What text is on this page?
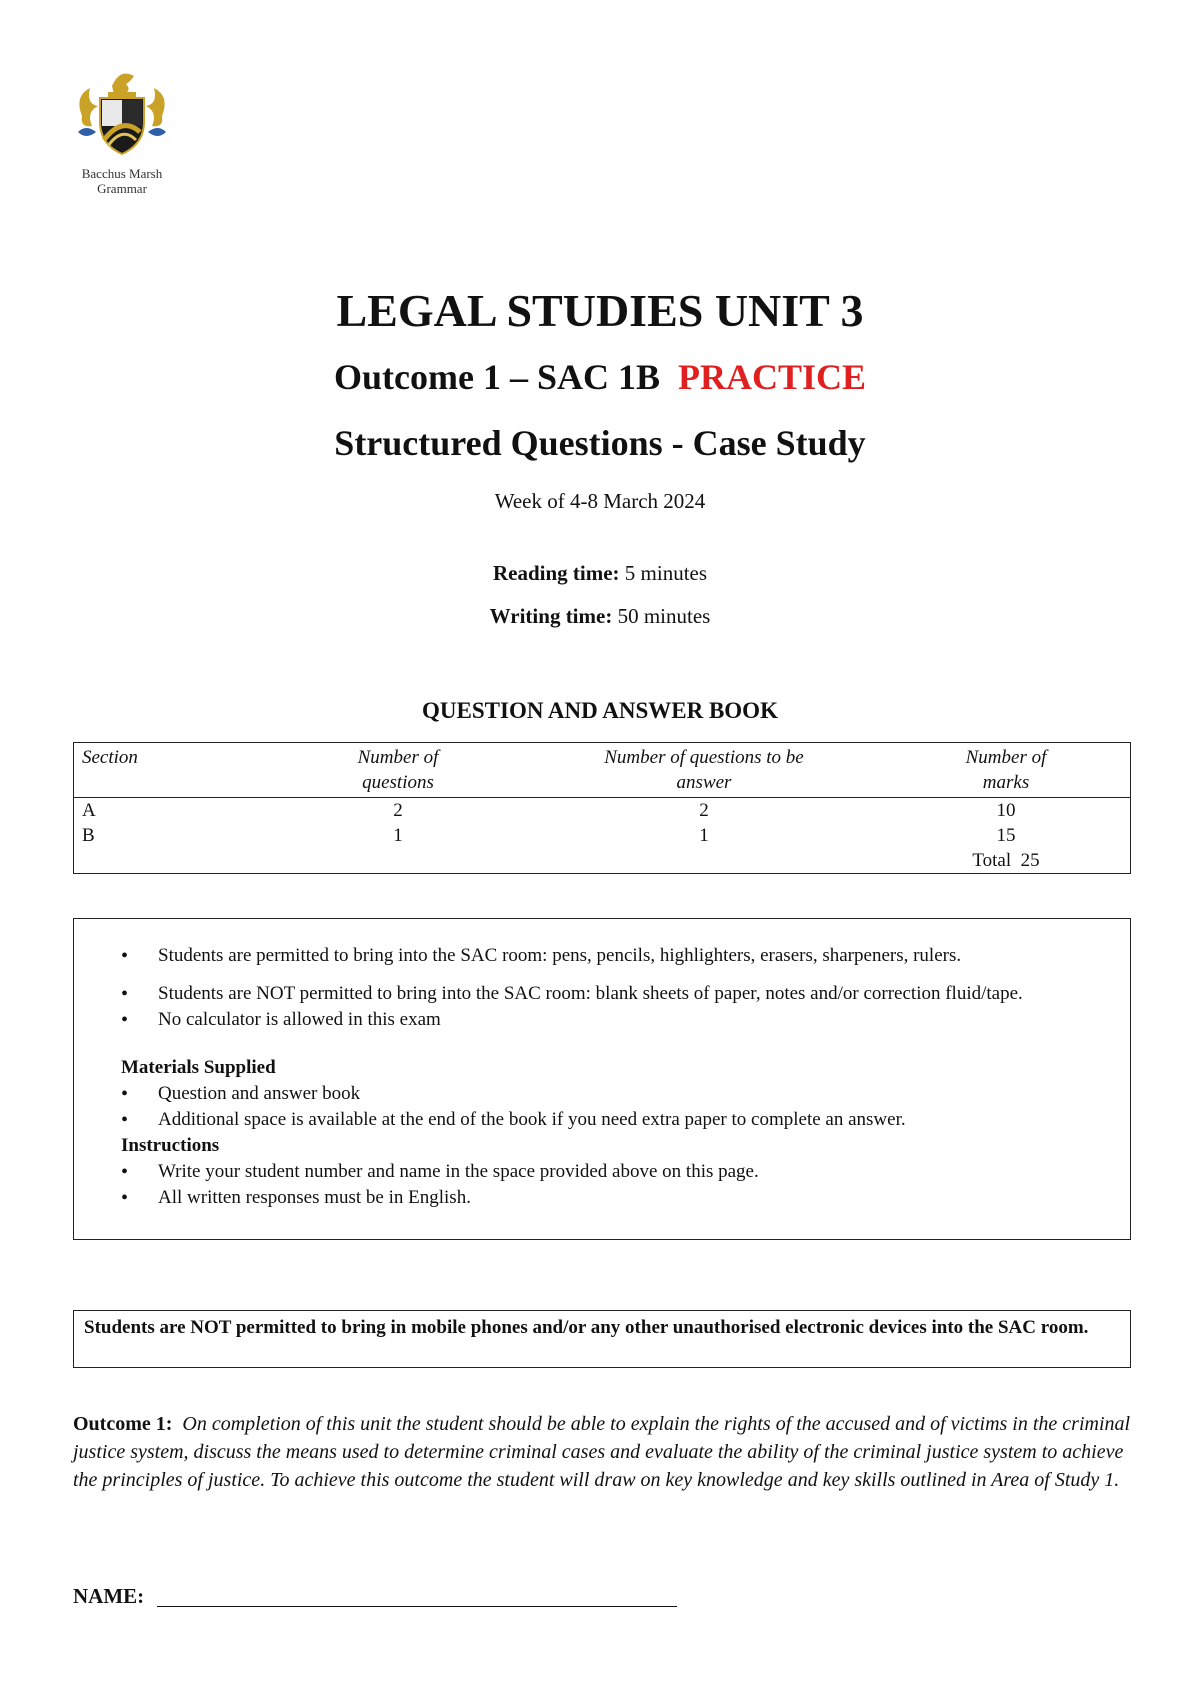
Bacchus Marsh
Grammar
LEGAL STUDIES UNIT 3
Outcome 1 – SAC 1B PRACTICE
Structured Questions - Case Study
Week of 4-8 March 2024
Reading time: 5 minutes
Writing time: 50 minutes
QUESTION AND ANSWER BOOK
Section	Number of questions	Number of questions to be answer	Number of marks

A	2	2	10
B	1	1	15
			Total 25
• Students are permitted to bring into the SAC room: pens, pencils, highlighters, erasers, sharpeners, rulers.
• Students are NOT permitted to bring into the SAC room: blank sheets of paper, notes and/or correction fluid/tape.
• No calculator is allowed in this exam
Materials Supplied
• Question and answer book
• Additional space is available at the end of the book if you need extra paper to complete an answer.
Instructions
• Write your student number and name in the space provided above on this page.
• All written responses must be in English.
Students are NOT permitted to bring in mobile phones and/or any other unauthorised electronic devices into the SAC room.
Outcome 1: On completion of this unit the student should be able to explain the rights of the accused and of victims in the criminal justice system, discuss the means used to determine criminal cases and evaluate the ability of the criminal justice system to achieve the principles of justice. To achieve this outcome the student will draw on key knowledge and key skills outlined in Area of Study 1.
NAME:
